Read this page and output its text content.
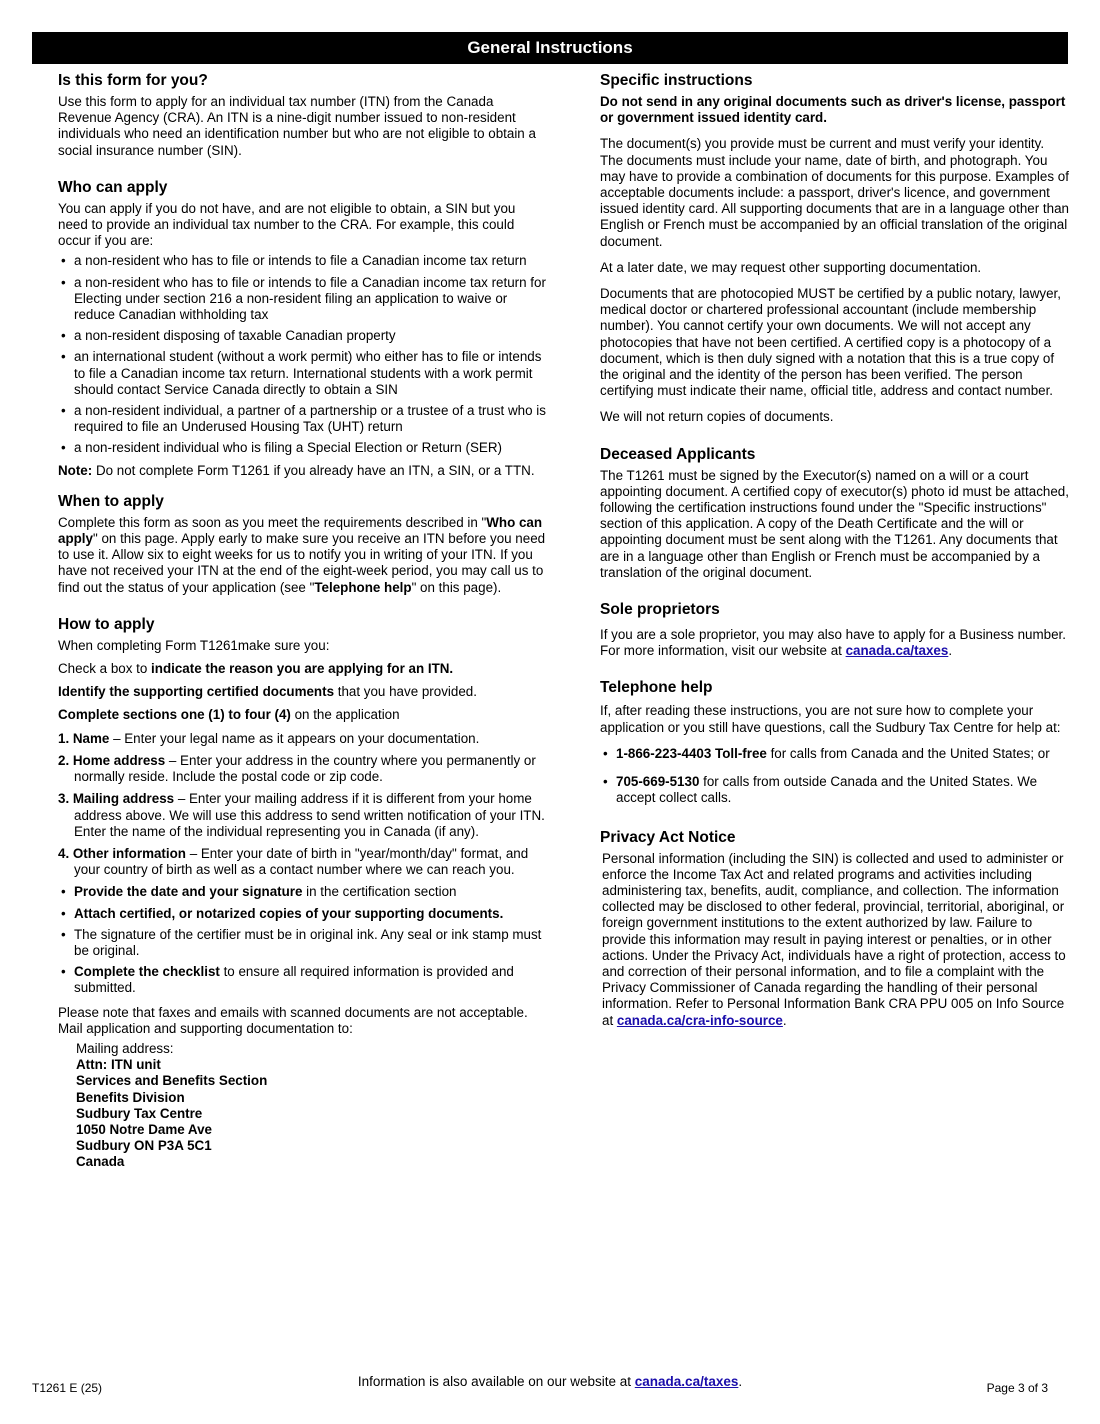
General Instructions
Is this form for you?

Use this form to apply for an individual tax number (ITN) from the Canada Revenue Agency (CRA). An ITN is a nine-digit number issued to non-resident individuals who need an identification number but who are not eligible to obtain a social insurance number (SIN).

Who can apply

You can apply if you do not have, and are not eligible to obtain, a SIN but you need to provide an individual tax number to the CRA. For example, this could occur if you are:

• a non-resident who has to file or intends to file a Canadian income tax return
• a non-resident who has to file or intends to file a Canadian income tax return for Electing under section 216 a non-resident filing an application to waive or reduce Canadian withholding tax
• a non-resident disposing of taxable Canadian property
• an international student (without a work permit) who either has to file or intends to file a Canadian income tax return. International students with a work permit should contact Service Canada directly to obtain a SIN
• a non-resident individual, a partner of a partnership or a trustee of a trust who is required to file an Underused Housing Tax (UHT) return
• a non-resident individual who is filing a Special Election or Return (SER)

Note: Do not complete Form T1261 if you already have an ITN, a SIN, or a TTN.

When to apply

Complete this form as soon as you meet the requirements described in "Who can apply" on this page. Apply early to make sure you receive an ITN before you need to use it. Allow six to eight weeks for us to notify you in writing of your ITN. If you have not received your ITN at the end of the eight-week period, you may call us to find out the status of your application (see "Telephone help" on this page).

How to apply

When completing Form T1261make sure you:

Check a box to indicate the reason you are applying for an ITN.

Identify the supporting certified documents that you have provided.

Complete sections one (1) to four (4) on the application

1. Name – Enter your legal name as it appears on your documentation.
2. Home address – Enter your address in the country where you permanently or normally reside. Include the postal code or zip code.
3. Mailing address – Enter your mailing address if it is different from your home address above. We will use this address to send written notification of your ITN. Enter the name of the individual representing you in Canada (if any).
4. Other information – Enter your date of birth in "year/month/day" format, and your country of birth as well as a contact number where we can reach you.
• Provide the date and your signature in the certification section
• Attach certified, or notarized copies of your supporting documents.
• The signature of the certifier must be in original ink. Any seal or ink stamp must be original.
• Complete the checklist to ensure all required information is provided and submitted.

Please note that faxes and emails with scanned documents are not acceptable. Mail application and supporting documentation to:

Mailing address:
Attn: ITN unit
Services and Benefits Section
Benefits Division
Sudbury Tax Centre
1050 Notre Dame Ave
Sudbury ON P3A 5C1
Canada
Specific instructions

Do not send in any original documents such as driver's license, passport or government issued identity card.

The document(s) you provide must be current and must verify your identity. The documents must include your name, date of birth, and photograph. You may have to provide a combination of documents for this purpose. Examples of acceptable documents include: a passport, driver's licence, and government issued identity card. All supporting documents that are in a language other than English or French must be accompanied by an official translation of the original document.

At a later date, we may request other supporting documentation.

Documents that are photocopied MUST be certified by a public notary, lawyer, medical doctor or chartered professional accountant (include membership number). You cannot certify your own documents. We will not accept any photocopies that have not been certified. A certified copy is a photocopy of a document, which is then duly signed with a notation that this is a true copy of the original and the identity of the person has been verified. The person certifying must indicate their name, official title, address and contact number.

We will not return copies of documents.

Deceased Applicants

The T1261 must be signed by the Executor(s) named on a will or a court appointing document. A certified copy of executor(s) photo id must be attached, following the certification instructions found under the "Specific instructions" section of this application. A copy of the Death Certificate and the will or appointing document must be sent along with the T1261. Any documents that are in a language other than English or French must be accompanied by a translation of the original document.

Sole proprietors

If you are a sole proprietor, you may also have to apply for a Business number. For more information, visit our website at canada.ca/taxes.

Telephone help

If, after reading these instructions, you are not sure how to complete your application or you still have questions, call the Sudbury Tax Centre for help at:

• 1-866-223-4403 Toll-free for calls from Canada and the United States; or
• 705-669-5130 for calls from outside Canada and the United States. We accept collect calls.
Privacy Act Notice

Personal information (including the SIN) is collected and used to administer or enforce the Income Tax Act and related programs and activities including administering tax, benefits, audit, compliance, and collection. The information collected may be disclosed to other federal, provincial, territorial, aboriginal, or foreign government institutions to the extent authorized by law. Failure to provide this information may result in paying interest or penalties, or in other actions. Under the Privacy Act, individuals have a right of protection, access to and correction of their personal information, and to file a complaint with the Privacy Commissioner of Canada regarding the handling of their personal information. Refer to Personal Information Bank CRA PPU 005 on Info Source at canada.ca/cra-info-source.

T1261 E (25)	Information is also available on our website at canada.ca/taxes.	Page 3 of 3
